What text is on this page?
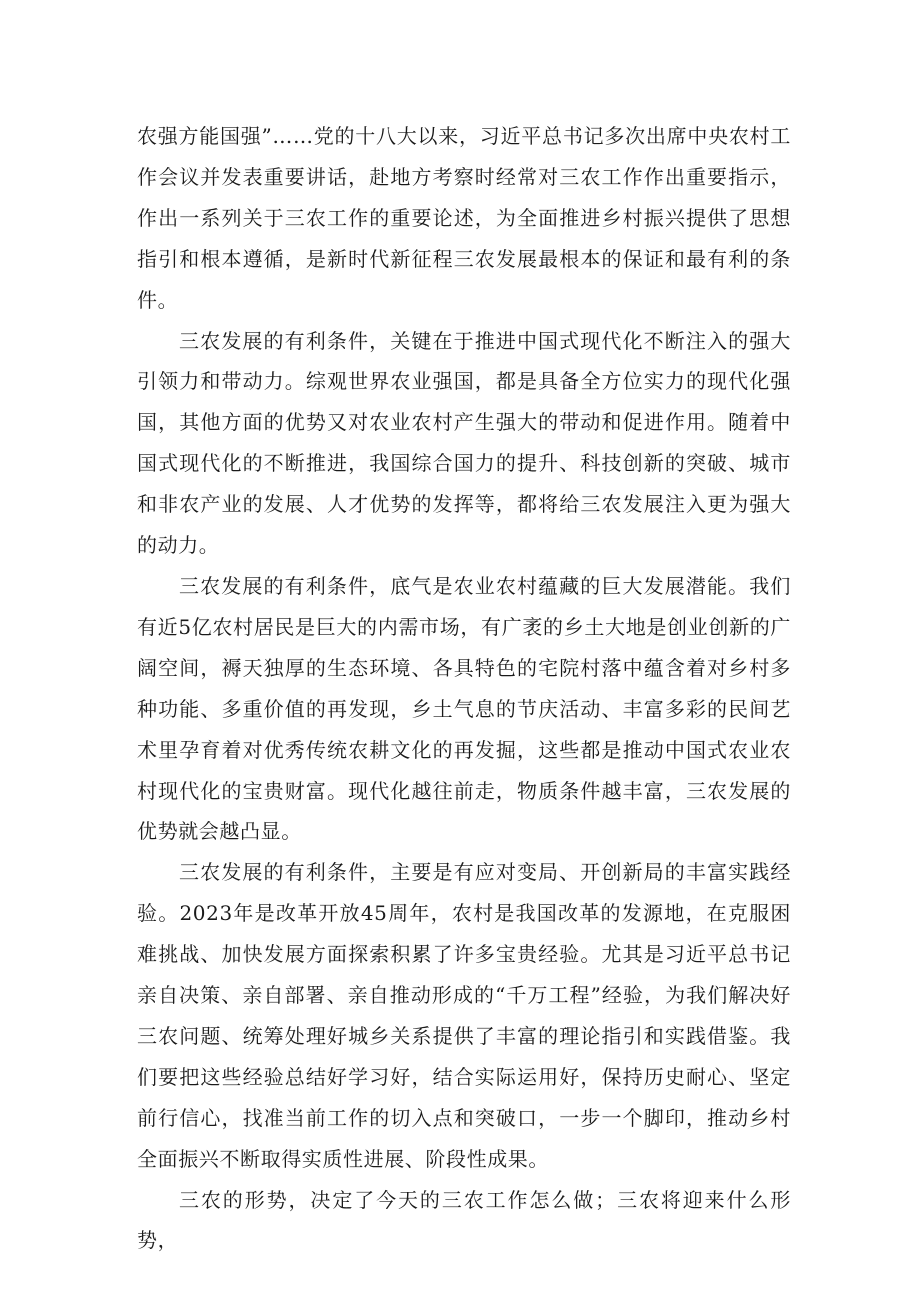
农强方能国强”……党的十八大以来，习近平总书记多次出席中央农村工作会议并发表重要讲话，赴地方考察时经常对三农工作作出重要指示，作出一系列关于三农工作的重要论述，为全面推进乡村振兴提供了思想指引和根本遵循，是新时代新征程三农发展最根本的保证和最有利的条件。

三农发展的有利条件，关键在于推进中国式现代化不断注入的强大引领力和带动力。综观世界农业强国，都是具备全方位实力的现代化强国，其他方面的优势又对农业农村产生强大的带动和促进作用。随着中国式现代化的不断推进，我国综合国力的提升、科技创新的突破、城市和非农产业的发展、人才优势的发挥等，都将给三农发展注入更为强大的动力。

三农发展的有利条件，底气是农业农村蕴藏的巨大发展潜能。我们有近5亿农村居民是巨大的内需市场，有广袤的乡土大地是创业创新的广阔空间，褥天独厚的生态环境、各具特色的宅院村落中蕴含着对乡村多种功能、多重价值的再发现，乡土气息的节庆活动、丰富多彩的民间艺术里孕育着对优秀传统农耕文化的再发掘，这些都是推动中国式农业农村现代化的宝贵财富。现代化越往前走，物质条件越丰富，三农发展的优势就会越凸显。

三农发展的有利条件，主要是有应对变局、开创新局的丰富实践经验。2023年是改革开放45周年，农村是我国改革的发源地，在克服困难挑战、加快发展方面探索积累了许多宝贵经验。尤其是习近平总书记亲自决策、亲自部署、亲自推动形成的“千万工程”经验，为我们解决好三农问题、统筹处理好城乡关系提供了丰富的理论指引和实践借鉴。我们要把这些经验总结好学习好，结合实际运用好，保持历史耐心、坚定前行信心，找准当前工作的切入点和突破口，一步一个脚印，推动乡村全面振兴不断取得实质性进展、阶段性成果。

三农的形势，决定了今天的三农工作怎么做；三农将迎来什么形势，
